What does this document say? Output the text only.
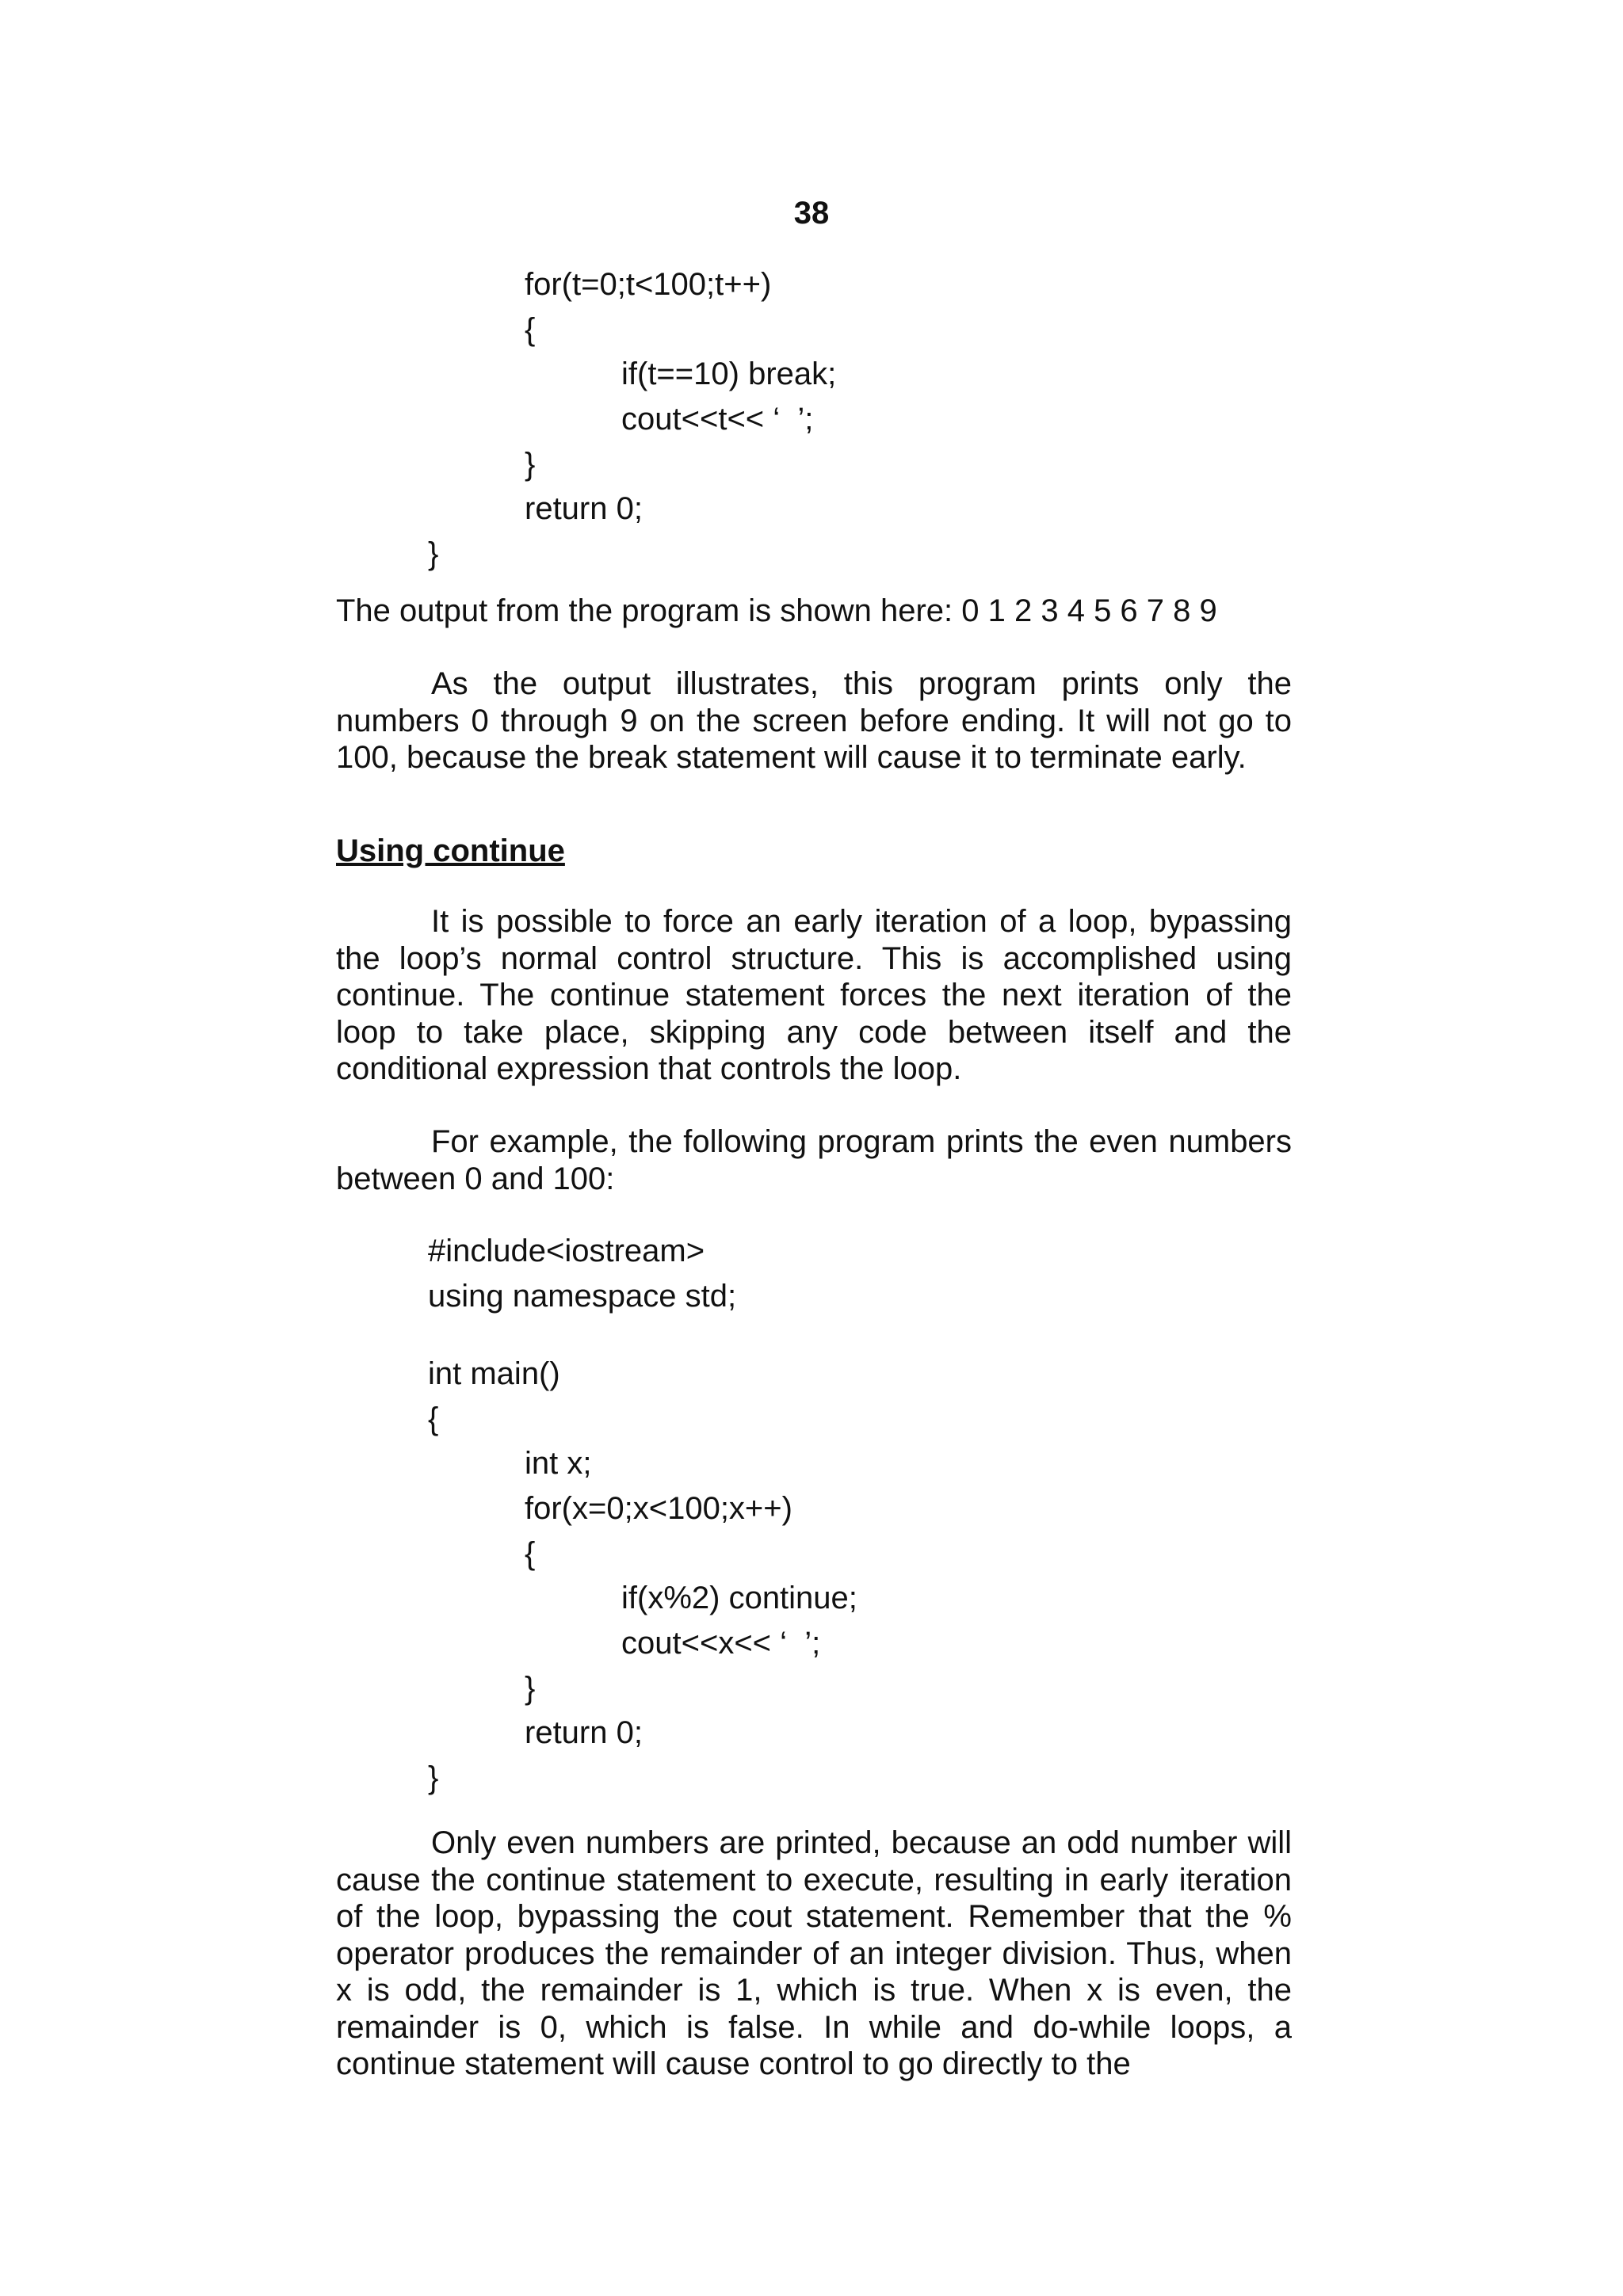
38
for(t=0;t<100;t++)
{
if(t==10) break;
cout<<t<< ‘  ’;
}
return 0;
}

The output from the program is shown here: 0 1 2 3 4 5 6 7 8 9

As the output illustrates, this program prints only the numbers 0 through 9 on the screen before ending. It will not go to 100, because the break statement will cause it to terminate early.

Using continue

It is possible to force an early iteration of a loop, bypassing the loop’s normal control structure. This is accomplished using continue. The continue statement forces the next iteration of the loop to take place, skipping any code between itself and the conditional expression that controls the loop.

For example, the following program prints the even numbers between 0 and 100:

#include<iostream>
using namespace std;
int main()
{
int x;
for(x=0;x<100;x++)
{
if(x%2) continue;
cout<<x<< ‘  ’;
}
return 0;
}

Only even numbers are printed, because an odd number will cause the continue statement to execute, resulting in early iteration of the loop, bypassing the cout statement. Remember that the % operator produces the remainder of an integer division. Thus, when x is odd, the remainder is 1, which is true. When x is even, the remainder is 0, which is false. In while and do-while loops, a continue statement will cause control to go directly to the
